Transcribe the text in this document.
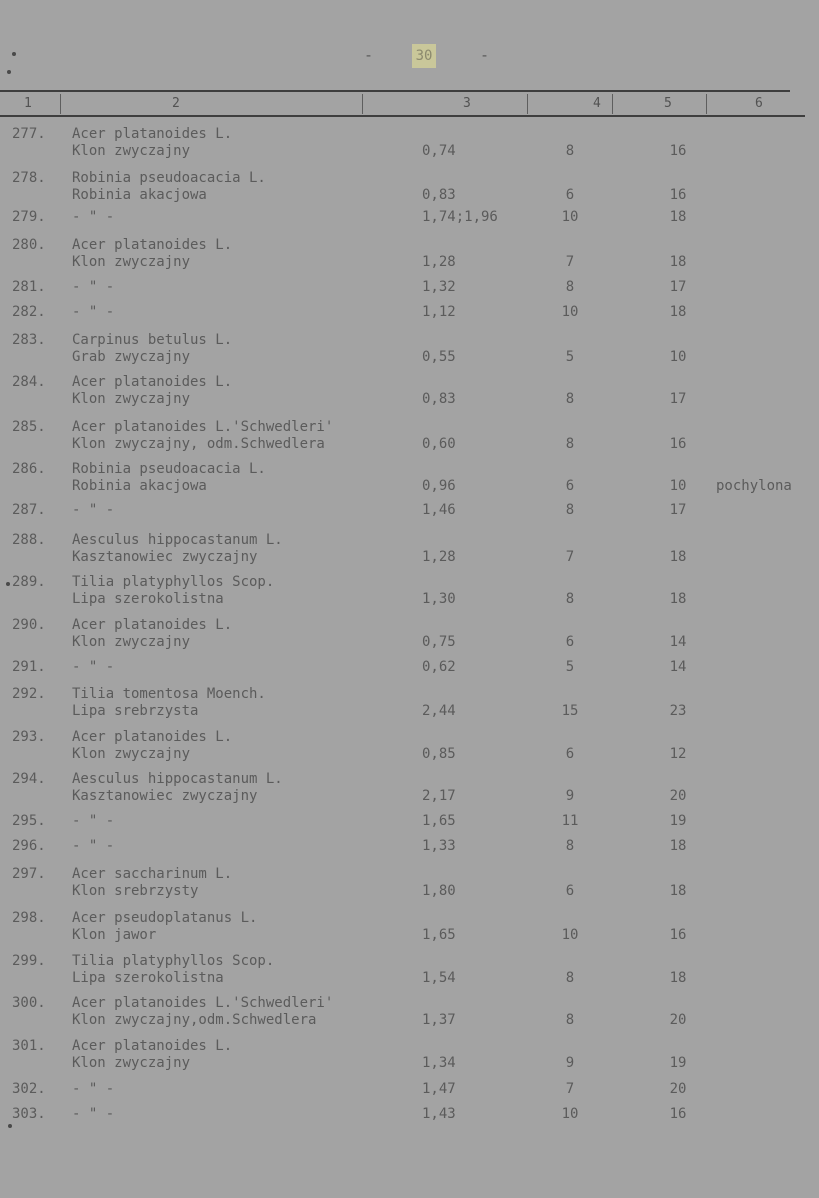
-	30	-
1	2	3	4	5	6
277. Acer platanoides L.
Klon zwyczajny	0,74	8	16
278. Robinia pseudoacacia L.
Robinia akacjowa	0,83	6	16
279. - " -	1,74;1,96	10	18
280. Acer platanoides L.
Klon zwyczajny	1,28	7	18
281. - " -	1,32	8	17
282. - " -	1,12	10	18
283. Carpinus betulus L.
Grab zwyczajny	0,55	5	10
284. Acer platanoides L.
Klon zwyczajny	0,83	8	17
285. Acer platanoides L.'Schwedleri'
Klon zwyczajny, odm.Schwedlera	0,60	8	16
286. Robinia pseudoacacia L.
Robinia akacjowa	0,96	6	10	pochylona
287. - " -	1,46	8	17
288. Aesculus hippocastanum L.
Kasztanowiec zwyczajny	1,28	7	18
289. Tilia platyphyllos Scop.
Lipa szerokolistna	1,30	8	18
290. Acer platanoides L.
Klon zwyczajny	0,75	6	14
291. - " -	0,62	5	14
292. Tilia tomentosa Moench.
Lipa srebrzysta	2,44	15	23
293. Acer platanoides L.
Klon zwyczajny	0,85	6	12
294. Aesculus hippocastanum L.
Kasztanowiec zwyczajny	2,17	9	20
295. - " -	1,65	11	19
296. - " -	1,33	8	18
297. Acer saccharinum L.
Klon srebrzysty	1,80	6	18
298. Acer pseudoplatanus L.
Klon jawor	1,65	10	16
299. Tilia platyphyllos Scop.
Lipa szerokolistna	1,54	8	18
300. Acer platanoides L.'Schwedleri'
Klon zwyczajny,odm.Schwedlera	1,37	8	20
301. Acer platanoides L.
Klon zwyczajny	1,34	9	19
302. - " -	1,47	7	20
303. - " -	1,43	10	16
